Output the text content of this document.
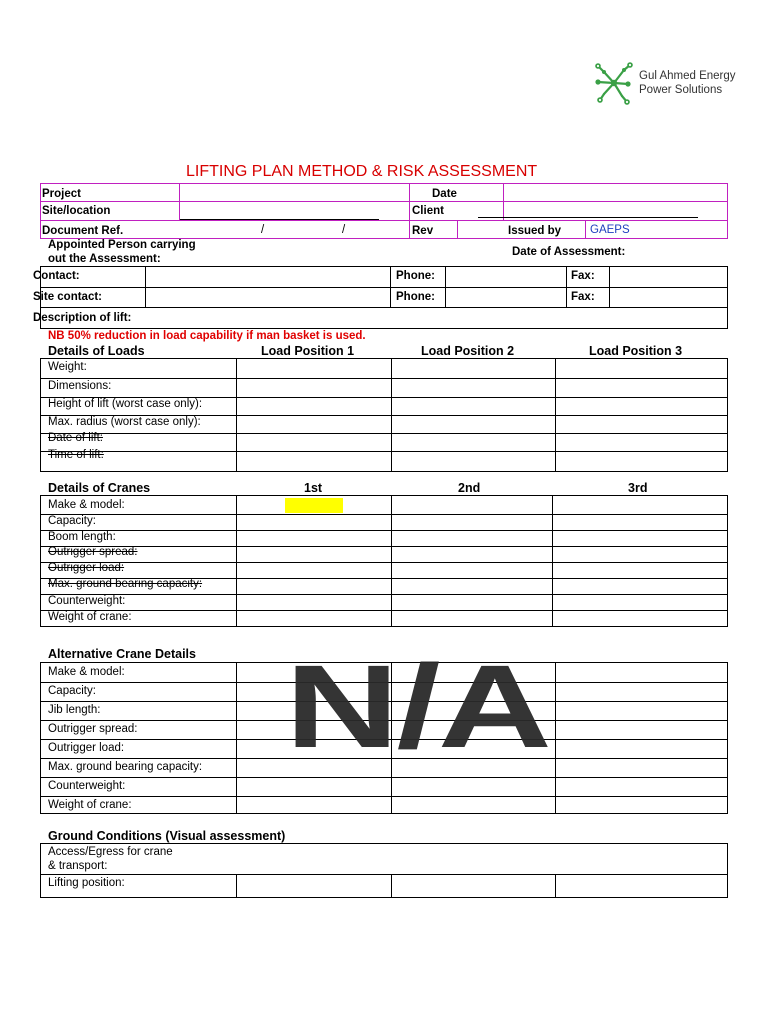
Gul Ahmed Energy
Power Solutions
LIFTING PLAN METHOD & RISK ASSESSMENT
Project	Date
Site/location	Client
Document Ref.	/	/	Rev	Issued by	GAEPS
Appointed Person carrying
out the Assessment:
Date of Assessment:
Contact:	Phone:	Fax:
Site contact:	Phone:	Fax:
Description of lift:
NB 50% reduction in load capability if man basket is used.
Details of Loads	Load Position 1	Load Position 2	Load Position 3
Weight:
Dimensions:
Height of lift (worst case only):
Max. radius (worst case only):
Date of lift:
Time of lift:
Details of Cranes	1st	2nd	3rd
Make & model:
Capacity:
Boom length:
Outrigger spread:
Outrigger load:
Max. ground bearing capacity:
Counterweight:
Weight of crane:
Alternative Crane Details
Make & model:
Capacity:
Jib length:
Outrigger spread:
Outrigger load:
Max. ground bearing capacity:
Counterweight:
Weight of crane:
N/A
Ground Conditions (Visual assessment)
Access/Egress for crane
& transport:
Lifting position:
